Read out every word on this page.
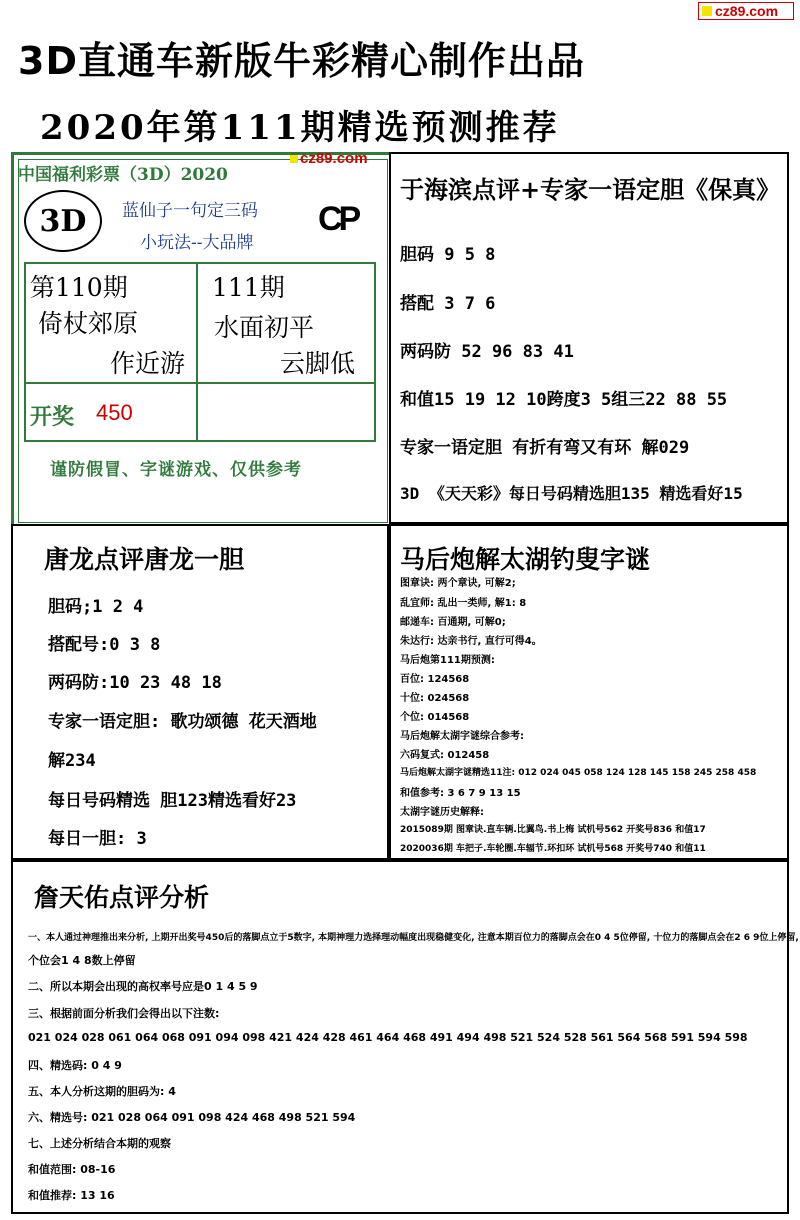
cz89.com
3D直通车新版牛彩精心制作出品
2020年第111期精选预测推荐
中国福利彩票（3D）2020
cz89.com
3D	蓝仙子一句定三码
小玩法--大品牌
CP
第110期
倚杖郊原
作近游
111期
水面初平
云脚低
开奖 450
谨防假冒、字谜游戏、仅供参考
于海滨点评+专家一语定胆《保真》
胆码 9 5 8
搭配 3 7 6
两码防 52 96 83 41
和值15 19 12 10跨度3 5组三22 88 55
专家一语定胆 有折有弯又有环 解029
3D 《天天彩》每日号码精选胆135 精选看好15
唐龙点评唐龙一胆
胆码;1 2 4
搭配号:0 3 8
两码防:10 23 48 18
专家一语定胆: 歌功颂德 花天酒地
解234
每日号码精选 胆123精选看好23
每日一胆: 3
马后炮解太湖钓叟字谜
图章诀: 两个章诀, 可解2;
乱宜师: 乱出一类师, 解1: 8
邮递车: 百通期, 可解0;
朱达行: 达亲书行, 直行可得4。
马后炮第111期预测:
百位: 124568
十位: 024568
个位: 014568
马后炮解太湖字谜综合参考:
六码复式: 012458
马后炮解太湖字谜精选11注: 012 024 045 058 124 128 145 158 245 258 458
和值参考: 3 6 7 9 13 15
太湖字谜历史解释:
2015089期 图章诀.直车辆.比翼鸟.书上梅 试机号562 开奖号836 和值17
2020036期 车把子.车轮圈.车辐节.环扣环 试机号568 开奖号740 和值11
詹天佑点评分析
一、本人通过神理推出来分析, 上期开出奖号450后的落脚点立于5数字, 本期神理力选择理动幅度出现稳健变化, 注意本期百位力的落脚点会在0 4 5位停留, 十位力的落脚点会在2 6 9位上停留,
个位会1 4 8数上停留
二、所以本期会出现的高权率号应是0 1 4 5 9
三、根据前面分析我们会得出以下注数:
021 024 028 061 064 068 091 094 098 421 424 428 461 464 468 491 494 498 521 524 528 561 564 568 591 594 598
四、精选码: 0 4 9
五、本人分析这期的胆码为: 4
六、精选号: 021 028 064 091 098 424 468 498 521 594
七、上述分析结合本期的观察
和值范围: 08-16
和值推荐: 13 16
